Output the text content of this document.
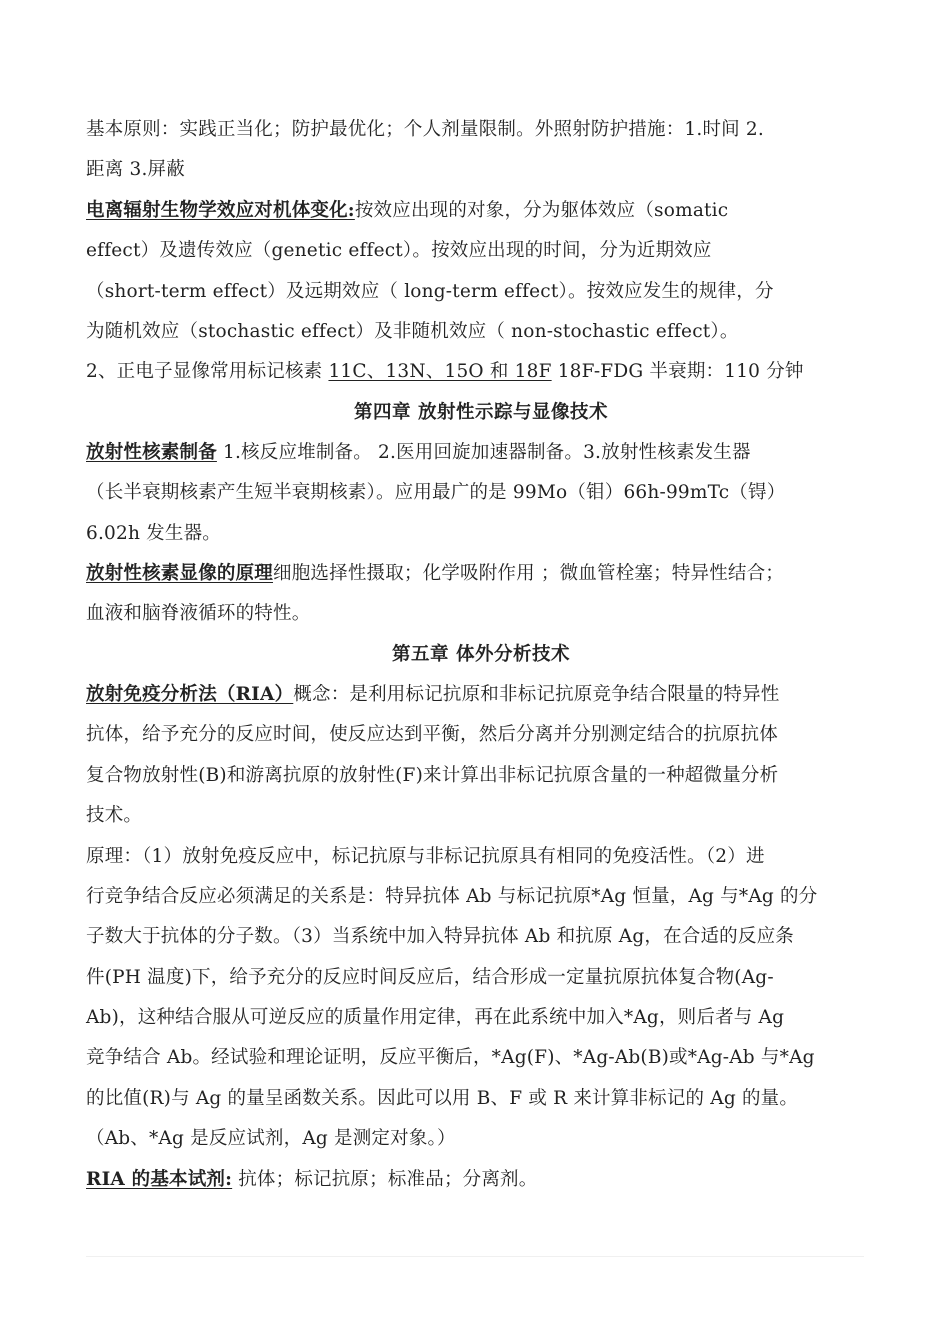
基本原则：实践正当化；防护最优化；个人剂量限制。外照射防护措施：1.时间 2.
距离 3.屏蔽
电离辐射生物学效应对机体变化:按效应出现的对象，分为躯体效应（somatic
effect）及遗传效应（genetic effect）。按效应出现的时间，分为近期效应
（short-term effect）及远期效应（ long-term effect）。按效应发生的规律，分
为随机效应（stochastic effect）及非随机效应（ non-stochastic effect）。
2、正电子显像常用标记核素 11C、13N、15O 和 18F 18F-FDG 半衰期：110 分钟
第四章 放射性示踪与显像技术
放射性核素制备 1.核反应堆制备。 2.医用回旋加速器制备。3.放射性核素发生器
（长半衰期核素产生短半衰期核素）。应用最广的是 99Mo（钼）66h-99mTc（锝）
6.02h 发生器。
放射性核素显像的原理细胞选择性摄取；化学吸附作用 ；微血管栓塞；特异性结合；
血液和脑脊液循环的特性。
第五章 体外分析技术
放射免疫分析法（RIA）概念：是利用标记抗原和非标记抗原竞争结合限量的特异性
抗体，给予充分的反应时间，使反应达到平衡，然后分离并分别测定结合的抗原抗体
复合物放射性(B)和游离抗原的放射性(F)来计算出非标记抗原含量的一种超微量分析
技术。
原理：（1）放射免疫反应中，标记抗原与非标记抗原具有相同的免疫活性。（2）进
行竞争结合反应必须满足的关系是：特异抗体 Ab 与标记抗原*Ag 恒量，Ag 与*Ag 的分
子数大于抗体的分子数。（3）当系统中加入特异抗体 Ab 和抗原 Ag，在合适的反应条
件(PH 温度)下，给予充分的反应时间反应后，结合形成一定量抗原抗体复合物(Ag-
Ab)，这种结合服从可逆反应的质量作用定律，再在此系统中加入*Ag，则后者与 Ag
竞争结合 Ab。经试验和理论证明，反应平衡后，*Ag(F)、*Ag-Ab(B)或*Ag-Ab 与*Ag
的比值(R)与 Ag 的量呈函数关系。因此可以用 B、F 或 R 来计算非标记的 Ag 的量。
（Ab、*Ag 是反应试剂，Ag 是测定对象。）
RIA 的基本试剂: 抗体；标记抗原；标准品；分离剂。
